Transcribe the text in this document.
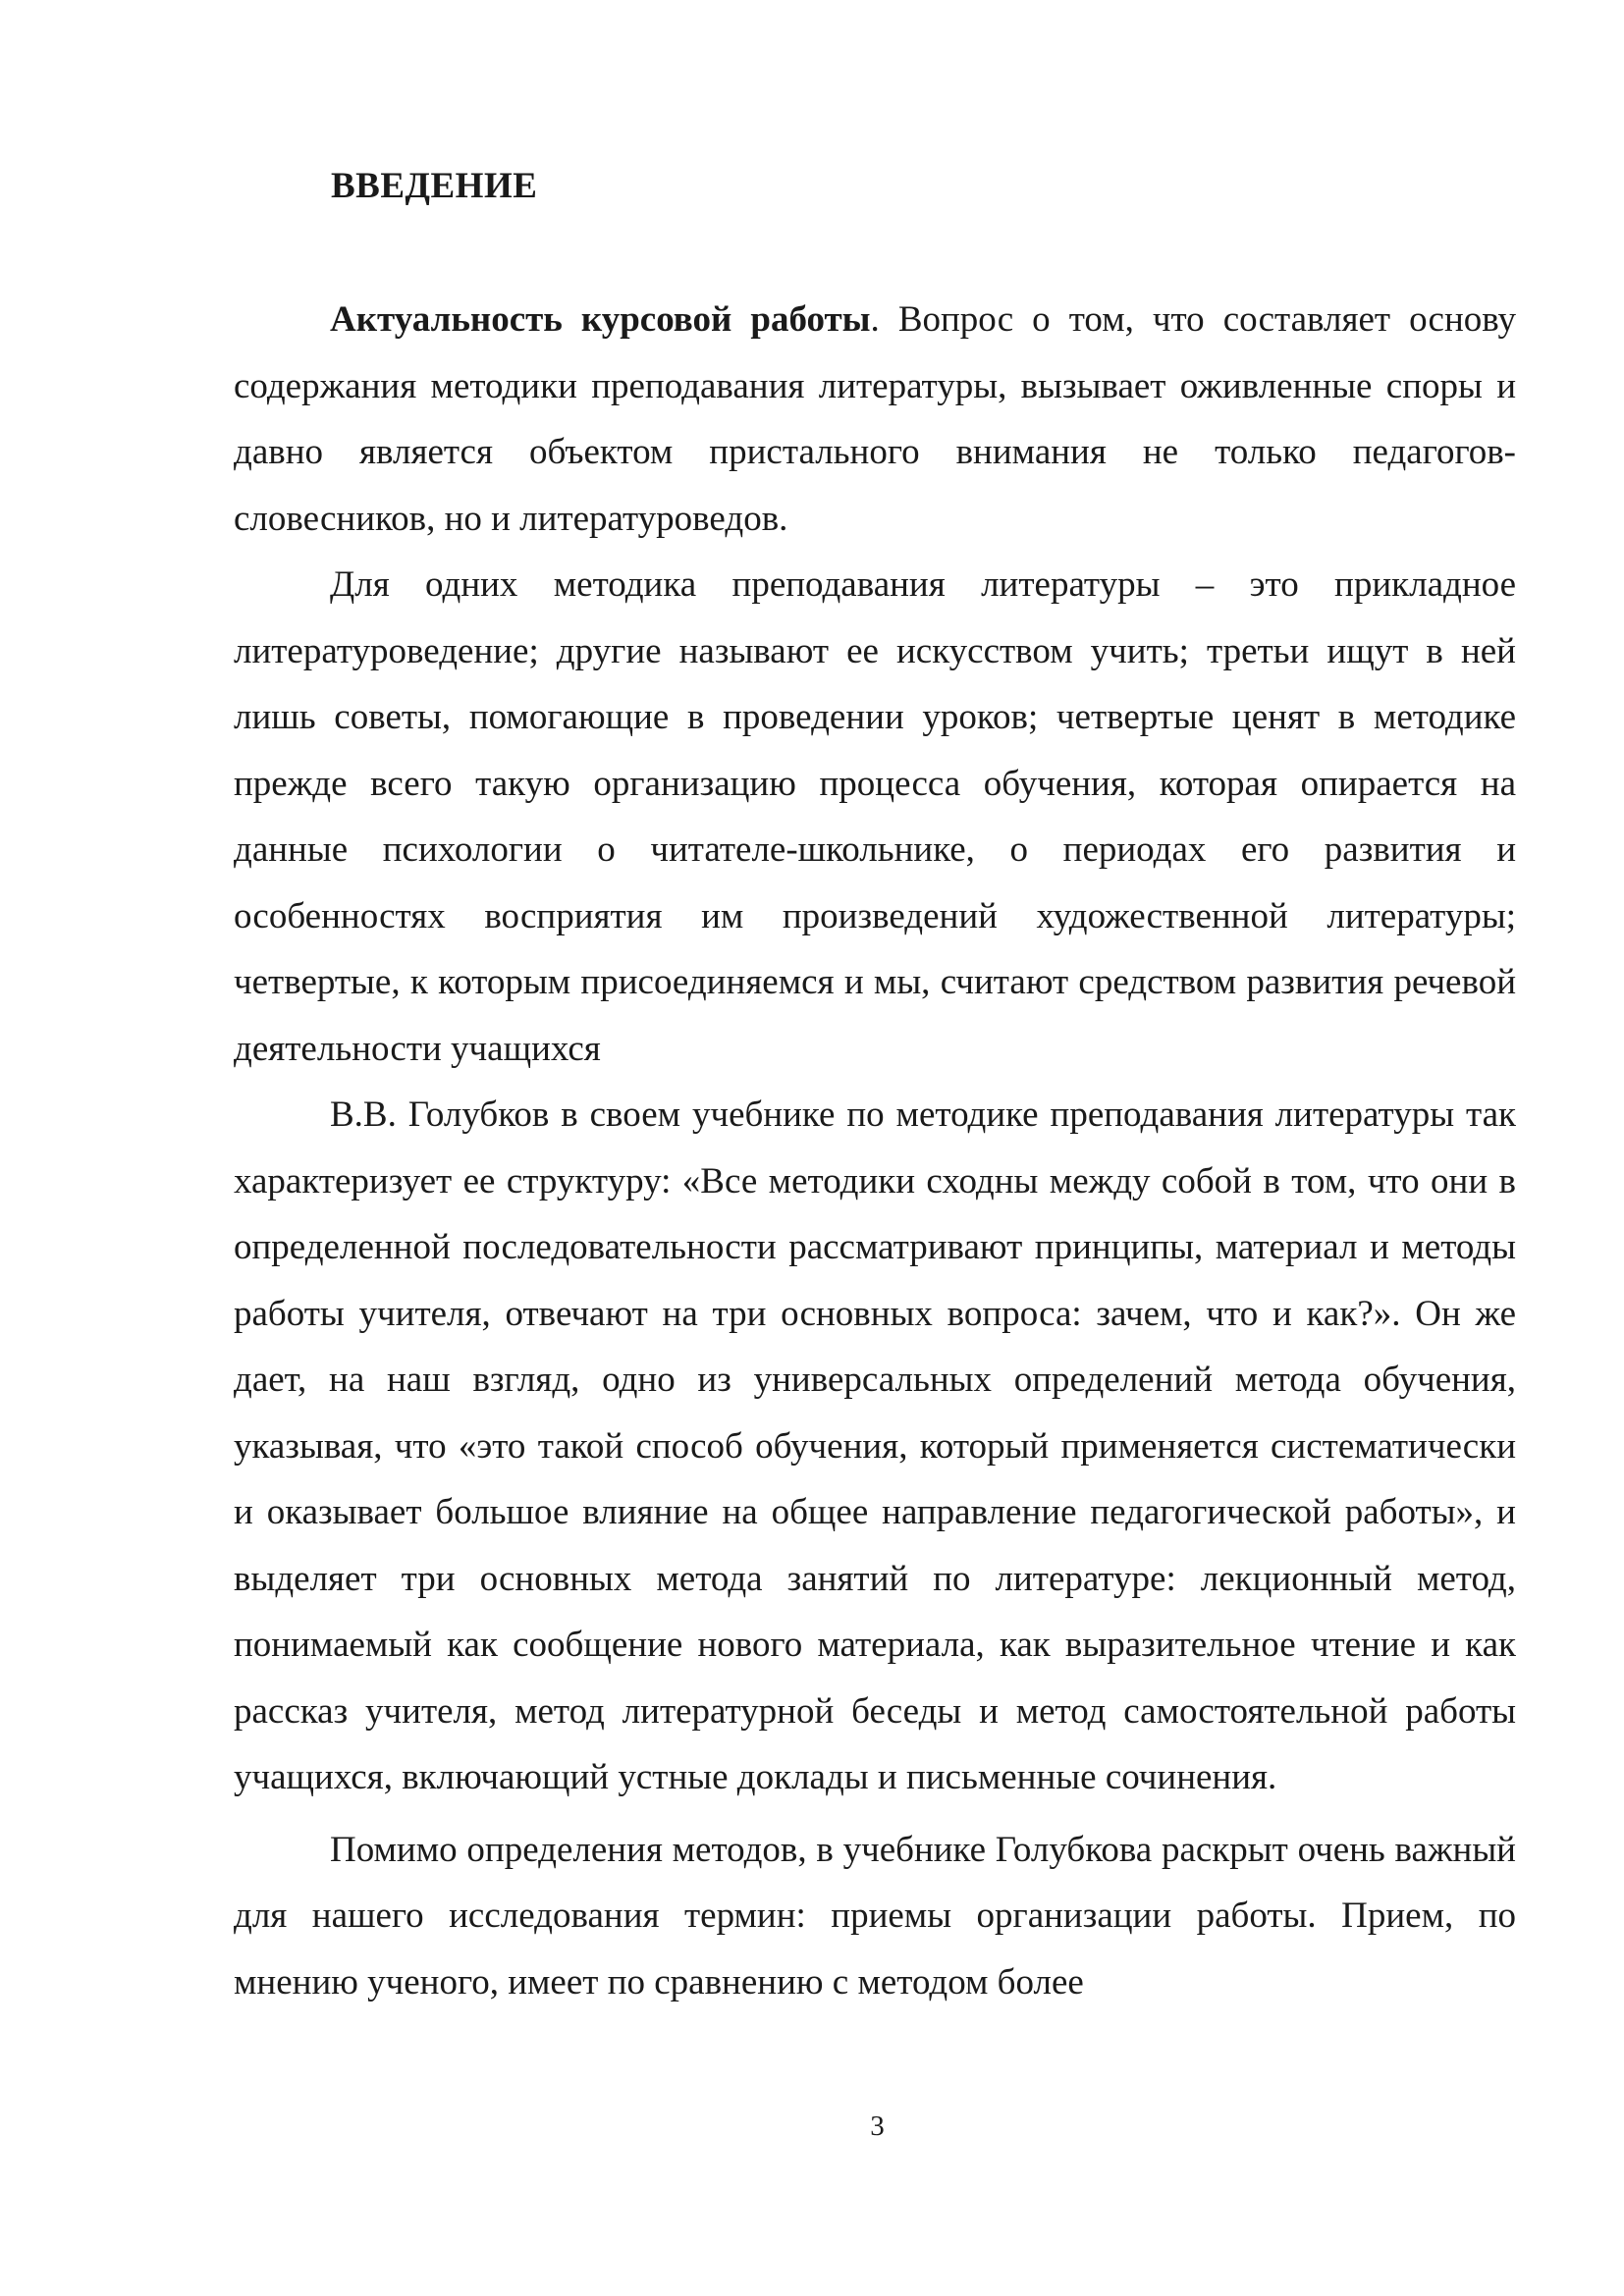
ВВЕДЕНИЕ

Актуальность курсовой работы. Вопрос о том, что составляет основу содержания методики преподавания литературы, вызывает оживленные споры и давно является объектом пристального внимания не только педагогов-словесников, но и литературоведов.

Для одних методика преподавания литературы – это прикладное литературоведение; другие называют ее искусством учить; третьи ищут в ней лишь советы, помогающие в проведении уроков; четвертые ценят в методике прежде всего такую организацию процесса обучения, которая опирается на данные психологии о читателе-школьнике, о периодах его развития и особенностях восприятия им произведений художественной литературы; четвертые, к которым присоединяемся и мы, считают средством развития речевой деятельности учащихся

В.В. Голубков в своем учебнике по методике преподавания литературы так характеризует ее структуру: «Все методики сходны между собой в том, что они в определенной последовательности рассматривают принципы, материал и методы работы учителя, отвечают на три основных вопроса: зачем, что и как?». Он же дает, на наш взгляд, одно из универсальных определений метода обучения, указывая, что «это такой способ обучения, который применяется систематически и оказывает большое влияние на общее направление педагогической работы», и выделяет три основных метода занятий по литературе: лекционный метод, понимаемый как сообщение нового материала, как выразительное чтение и как рассказ учителя, метод литературной беседы и метод самостоятельной работы учащихся, включающий устные доклады и письменные сочинения.

Помимо определения методов, в учебнике Голубкова раскрыт очень важный для нашего исследования термин: приемы организации работы. Прием, по мнению ученого, имеет по сравнению с методом более

3
